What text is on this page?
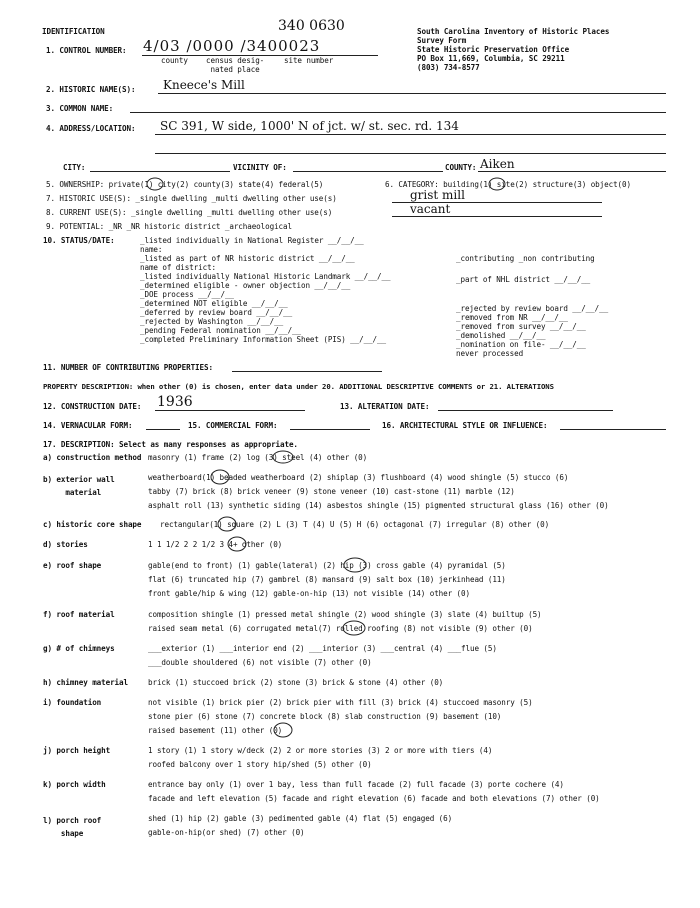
IDENTIFICATION	South Carolina Inventory of Historic Places
Survey Form
State Historic Preservation Office
PO Box 11,669, Columbia, SC 29211
(803) 734-8577
340 0630
1. CONTROL NUMBER: 4/03 /0000 /3400023
county census desig-
nated place
site number
2. HISTORIC NAME(S): Kneece's Mill
3. COMMON NAME:
4. ADDRESS/LOCATION: SC 391, W side, 1000' N of jct. w/ st. sec. rd. 134
CITY:	VICINITY OF:	COUNTY: Aiken
5. OWNERSHIP: private(1) city(2) county(3) state(4) federal(5)	6. CATEGORY: building(1) site(2) structure(3) object(0)
7. HISTORIC USE(S): _single dwelling _multi dwelling other use(s)	grist mill
8. CURRENT USE(S): _single dwelling _multi dwelling other use(s)	vacant
9. POTENTIAL: _NR _NR historic district _archaeological
10. STATUS/DATE:	_listed individually in National Register __/__/__
name:
_listed as part of NR historic district __/__/__
name of district:
_listed individually National Historic Landmark __/__/__
_determined eligible - owner objection __/__/__
_DOE process __/__/__
_determined NOT eligible __/__/__
_deferred by review board __/__/__
_rejected by Washington __/__/__
_pending Federal nomination __/__/__
_completed Preliminary Information Sheet (PIS) __/__/__
_contributing _non contributing
_part of NHL district __/__/__
_rejected by review board __/__/__
_removed from NR __/__/__
_removed from survey __/__/__
_demolished __/__/__
_nomination on file- __/__/__
never processed
11. NUMBER OF CONTRIBUTING PROPERTIES:
PROPERTY DESCRIPTION: when other (0) is chosen, enter data under 20. ADDITIONAL DESCRIPTIVE COMMENTS or 21. ALTERATIONS
12. CONSTRUCTION DATE: 1936	13. ALTERATION DATE:
14. VERNACULAR FORM:	15. COMMERCIAL FORM:	16. ARCHITECTURAL STYLE OR INFLUENCE:
17. DESCRIPTION: Select as many responses as appropriate.
a) construction method masonry (1) frame (2) log (3) steel (4) other (0)
b) exterior wall
material
weatherboard(1) beaded weatherboard (2) shiplap (3) flushboard (4) wood shingle (5) stucco (6)
tabby (7) brick (8) brick veneer (9) stone veneer (10) cast-stone (11) marble (12)
asphalt roll (13) synthetic siding (14) asbestos shingle (15) pigmented structural glass (16) other (0)
c) historic core shape rectangular(1) square (2) L (3) T (4) U (5) H (6) octagonal (7) irregular (8) other (0)
d) stories	1 1 1/2 2 2 1/2 3 4+ other (0)
e) roof shape	gable(end to front) (1) gable(lateral) (2) hip (3) cross gable (4) pyramidal (5)
flat (6) truncated hip (7) gambrel (8) mansard (9) salt box (10) jerkinhead (11)
front gable/hip & wing (12) gable-on-hip (13) not visible (14) other (0)
f) roof material	composition shingle (1) pressed metal shingle (2) wood shingle (3) slate (4) builtup (5)
raised seam metal (6) corrugated metal(7) rolled roofing (8) not visible (9) other (0)
g) # of chimneys	___exterior (1) ___interior end (2) ___interior (3) ___central (4) ___flue (5)
___double shouldered (6) not visible (7) other (0)
h) chimney material	brick (1) stuccoed brick (2) stone (3) brick & stone (4) other (0)
i) foundation	not visible (1) brick pier (2) brick pier with fill (3) brick (4) stuccoed masonry (5)
stone pier (6) stone (7) concrete block (8) slab construction (9) basement (10)
raised basement (11) other (0)
j) porch height	1 story (1) 1 story w/deck (2) 2 or more stories (3) 2 or more with tiers (4)
roofed balcony over 1 story hip/shed (5) other (0)
k) porch width	entrance bay only (1) over 1 bay, less than full facade (2) full facade (3) porte cochere (4)
facade and left elevation (5) facade and right elevation (6) facade and both elevations (7) other (0)
l) porch roof
shape
shed (1) hip (2) gable (3) pedimented gable (4) flat (5) engaged (6)
gable-on-hip(or shed) (7) other (0)
